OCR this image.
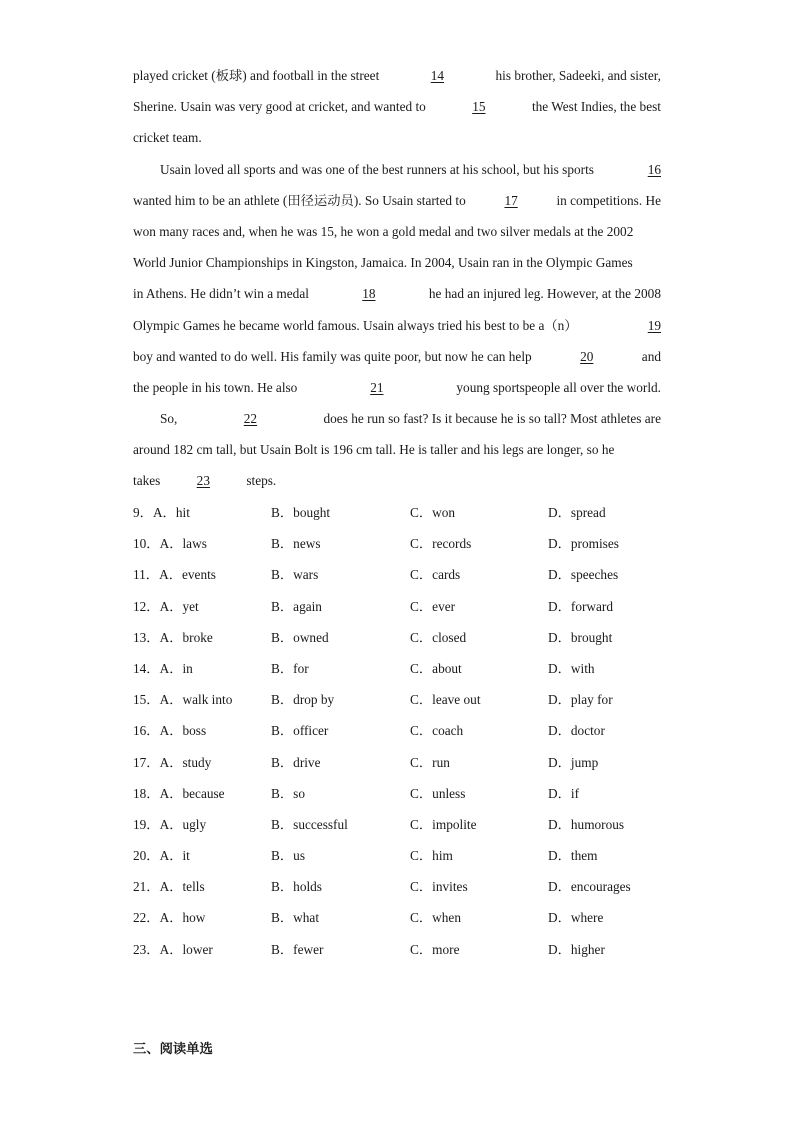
played cricket (板球) and football in the street	14	his brother, Sadeeki, and sister,
Sherine. Usain was very good at cricket, and wanted to	15	the West Indies, the best
cricket team.
Usain loved all sports and was one of the best runners at his school, but his sports	16
wanted him to be an athlete (田径运动员). So Usain started to	17	in competitions. He
won many races and, when he was 15, he won a gold medal and two silver medals at the 2002
World Junior Championships in Kingston, Jamaica. In 2004, Usain ran in the Olympic Games
in Athens. He didn’t win a medal	18	he had an injured leg. However, at the 2008
Olympic Games he became world famous. Usain always tried his best to be a（n）	19
boy and wanted to do well. His family was quite poor, but now he can help	20	and
the people in his town. He also	21	young sportspeople all over the world.
So,	22	does he run so fast? Is it because he is so tall? Most athletes are
around 182 cm tall, but Usain Bolt is 196 cm tall. He is taller and his legs are longer, so he
takes	23	steps.
9．A．hit	B．bought	C．won	D．spread
10．A．laws	B．news	C．records	D．promises
11．A．events	B．wars	C．cards	D．speeches
12．A．yet	B．again	C．ever	D．forward
13．A．broke	B．owned	C．closed	D．brought
14．A．in	B．for	C．about	D．with
15．A．walk into	B．drop by	C．leave out	D．play for
16．A．boss	B．officer	C．coach	D．doctor
17．A．study	B．drive	C．run	D．jump
18．A．because	B．so	C．unless	D．if
19．A．ugly	B．successful	C．impolite	D．humorous
20．A．it	B．us	C．him	D．them
21．A．tells	B．holds	C．invites	D．encourages
22．A．how	B．what	C．when	D．where
23．A．lower	B．fewer	C．more	D．higher
三、阅读单选
